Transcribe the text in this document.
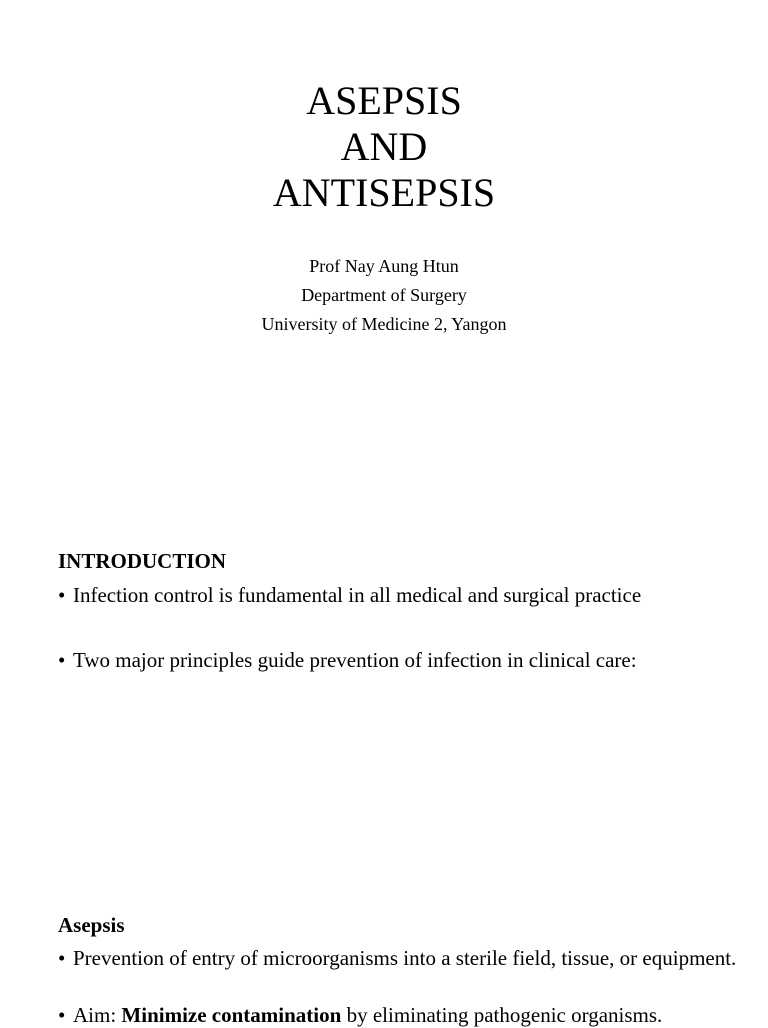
ASEPSIS
AND
ANTISEPSIS
Prof Nay Aung Htun
Department of Surgery
University of Medicine 2, Yangon
INTRODUCTION
• Infection control is fundamental in all medical and surgical practice
• Two major principles guide prevention of infection in clinical care:
Asepsis
• Prevention of entry of microorganisms into a sterile field, tissue, or equipment.
• Aim: Minimize contamination by eliminating pathogenic organisms.
